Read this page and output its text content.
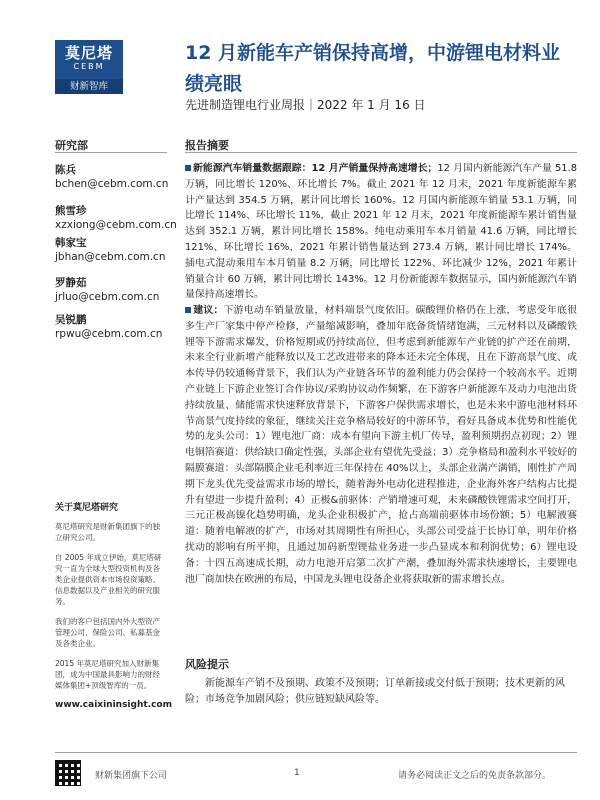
莫尼塔
CEBM
财新智库
12 月新能车产销保持高增，中游锂电材料业绩亮眼
先进制造锂电行业周报｜2022 年 1 月 16 日
研究部	报告摘要
陈兵
bchen@cebm.com.cn
熊雪珍
xzxiong@cebm.com.cn
韩家宝
jbhan@cebm.com.cn
罗静茹
jrluo@cebm.com.cn
吴锐鹏
rpwu@cebm.com.cn
关于莫尼塔研究

莫尼塔研究是财新集团旗下的独立研究公司。

自 2005 年成立伊始，莫尼塔研究一直为全球大型投资机构及各类企业提供资本市场投资策略、信息数据以及产业相关的研究服务。

我们的客户包括国内外大型资产管理公司、保险公司、私募基金及各类企业。

2015 年莫尼塔研究加入财新集团，成为中国最具影响力的财经媒体集团+顶级智库的一员。

www.caixininsight.com

新能源汽车销量数据跟踪：12 月产销量保持高速增长；12 月国内新能源汽车产量 51.8 万辆，同比增长 120%、环比增长 7%。截止 2021 年 12 月末，2021 年度新能源车累计产量达到 354.5 万辆，累计同比增长 160%。12 月国内新能源车销量 53.1 万辆，同比增长 114%、环比增长 11%，截止 2021 年 12 月末，2021 年度新能源车累计销售量达到 352.1 万辆，累计同比增长 158%。纯电动乘用车本月销量 41.6 万辆，同比增长 121%、环比增长 16%，2021 年累计销售量达到 273.4 万辆，累计同比增长 174%。插电式混动乘用车本月销量 8.2 万辆，同比增长 122%、环比减少 12%，2021 年累计销量合计 60 万辆，累计同比增长 143%。12 月份新能源车数据显示，国内新能源汽车销量保持高速增长。

建议：下游电动车销量放量，材料端景气度依旧。碳酸锂价格仍在上涨，考虑受年底很多生产厂家集中停产检修，产量缩减影响，叠加年底备货情绪饱满，三元材料以及磷酸铁锂等下游需求爆发，价格短期或仍持续高位，但考虑到新能源车产业链的扩产还在前期，未来全行业新增产能释放以及工艺改进带来的降本还未完全体现，且在下游高景气度、成本传导仍较通畅背景下，我们认为产业链各环节的盈利能力仍会保持一个较高水平。近期产业链上下游企业签订合作协议/采购协议动作频繁，在下游客户新能源车及动力电池出货持续放量、储能需求快速释放背景下，下游客户保供需求增长，也是未来中游电池材料环节高景气度持续的象征，继续关注竞争格局较好的中游环节，看好具备成本优势和性能优势的龙头公司：1）锂电池厂商：成本有望向下游主机厂传导，盈利预期拐点初现；2）锂电铜箔赛道：供给缺口确定性强，头部企业有望优先受益；3）竞争格局和盈利水平较好的隔膜赛道：头部隔膜企业毛利率近三年保持在 40%以上，头部企业满产满销，刚性扩产周期下龙头优先受益需求市场的增长，随着海外电动化进程推进，企业海外客户结构占比提升有望进一步提升盈利；4）正极&前驱体：产销增速可观，未来磷酸铁锂需求空间打开，三元正极高镍化趋势明确，龙头企业积极扩产，抢占高端前驱体市场份额；5）电解液赛道：随着电解液的扩产，市场对其周期性有所担心，头部公司受益于长协订单，明年价格扰动的影响有所平抑，且通过加码新型锂盐业务进一步凸显成本和利润优势；6）锂电设备：十四五高速成长期，动力电池开启第二次扩产潮，叠加海外需求快速增长，主要锂电池厂商加快在欧洲的布局，中国龙头锂电设备企业将获取新的需求增长点。

风险提示

新能源车产销不及预期、政策不及预期；订单新接或交付低于预期；技术更新的风险；市场竞争加剧风险；供应链短缺风险等。

财新集团旗下公司	1	请务必阅读正文之后的免责条款部分。
